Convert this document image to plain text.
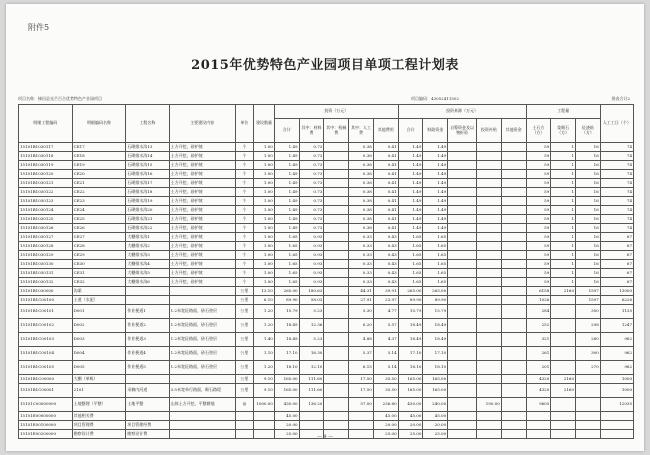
附件5
2015年优势特色产业园项目单项工程计划表
项目名称：梯田县光芒百合优势特色产业园项目	项目编码：43052411502	图表合计2
明细工程编码	明细编码名称	工程名称	主要建设内容	单位	建设数量	投资（万元）					投资来源（万元）					工程量			人工工日（个）
						合计	其中：材料费	其中：机械费	其中：人工费	其他费用	合计	财政资金	自筹资金及以物折资	投资补贴	其他资金	土石方（方）	浆砌石（方）	砼浇筑（方）	
15101B1030117	CE17	石砌排水沟13	土方开挖、砂护坡	个	1.00	1.49	0.73		0.38	0.41	1.49	1.49				59	1	16	74
15101B1030118	CE18	石砌排水沟14	土方开挖、砂护坡	个	1.00	1.49	0.73		0.38	0.41	1.49	1.49				59	1	16	74
15101B1030119	CE19	石砌排水沟15	土方开挖、砂护坡	个	1.00	1.49	0.73		0.38	0.41	1.49	1.49				59	1	16	74
15101B1030120	CE20	石砌排水沟16	土方开挖、砂护坡	个	1.00	1.49	0.73		0.38	0.41	1.49	1.49				59	1	16	74
15101B1030121	CE21	石砌排水沟17	土方开挖、砂护坡	个	1.00	1.49	0.73		0.38	0.41	1.49	1.49				59	1	16	74
15101B1030122	CE22	石砌排水沟18	土方开挖、砂护坡	个	1.00	1.49	0.73		0.38	0.41	1.49	1.49				59	1	16	74
15101B1030123	CE23	石砌排水沟19	土方开挖、砂护坡	个	1.00	1.49	0.73		0.38	0.41	1.49	1.49				59	1	16	74
15101B1030124	CE24	石砌排水沟20	土方开挖、砂护坡	个	1.00	1.49	0.73		0.38	0.41	1.49	1.49				59	1	16	74
15101B1030125	CE25	石砌排水沟21	土方开挖、砂护坡	个	1.00	1.49	0.73		0.38	0.41	1.49	1.49				59	1	16	74
15101B1030126	CE26	石砌排水沟22	土方开挖、砂护坡	个	1.00	1.49	0.73		0.38	0.41	1.49	1.49				59	1	16	74
15101B1030127	CE27	大棚排水沟1	土方开挖、砂护坡	个	1.00	1.65	0.93		0.33	0.43	1.65	1.65				59	1	16	67
15101B1030128	CE28	大棚排水沟2	土方开挖、砂护坡	个	1.00	1.65	0.93		0.33	0.43	1.65	1.65				59	1	16	67
15101B1030129	CE29	大棚排水沟3	土方开挖、砂护坡	个	1.00	1.65	0.93		0.33	0.43	1.65	1.65				59	1	16	67
15101B1030130	CE30	大棚排水沟4	土方开挖、砂护坡	个	1.00	1.65	0.93		0.33	0.43	1.65	1.65				59	1	16	67
15101B1030131	CE31	大棚排水沟5	土方开挖、砂护坡	个	1.00	1.65	0.93		0.33	0.43	1.65	1.65				59	1	16	67
15101B1030132	CE32	大棚排水沟6	土方开挖、砂护坡	个	1.00	1.65	0.93		0.33	0.43	1.65	1.65				59	1	16	67
15101B1030000	沟渠			公里	13.10	265.00	180.63		44.31	39.91	265.00	265.00				6158	2160	1597	13000
15101B1C00100	土道（水泥）			公里	6.10	89.90	58.03		27.91	23.97	89.90	89.90				1026		1597	6226
15101B1C00101	D001	作业便道1	1.2米宽砼路面，砂石垫层	公里	1.20	15.79	5.23		5.30	4.77	15.79	15.79				284		350	1135
15101B1C00102	D002	作业便道2	1.2米宽砼路面，砂石垫层	公里	1.20	18.49	12.36		6.20	5.57	18.49	18.49				252		298	1247
15101B1C00103	D003	作业便道3	1.2米宽砼路面，砂石垫层	公里	1.40	18.49	5.23		4.88	4.37	18.49	18.49				321		280	962
15101B1C00104	D004	作业便道4	1.2米宽砼路面，砂石垫层	公里	1.10	17.10	16.30		5.37	5.14	17.10	17.10				261		300	962
15101B1C00105	D005	作业便道5	1.2米宽砼路面，砂石垫层	公里	1.20	18.10	12.10		6.15	5.14	18.10	18.10				201		270	962
15101B1C00000	大棚（单栋）			公里	9.10	165.00	111.60		17.50	35.50	165.00	165.00				4320	2160		1000
15101B1C00001	2101	采摘内河道	3.5米宽单行路面，砌石路堤	公里	9.10	165.00	111.60		17.50	35.50	165.00	165.00				4320	2160		1000
15101C00000000	土地整理（平整）	土地平整	山体土方开挖，平整耕地	亩	1000.00	430.00	136.20		57.00	236.80	430.00	240.00		190.00		9605			12035
15101E00000000	其他相关费					45.00				45.00	45.00	45.00							
15101E00100000	项目管理费	项目管理经费				20.00				20.00	20.00	20.00							
15101E00200000	勘察设计费	勘察设计费				25.00				25.00	25.00	25.00							
— 9 —
